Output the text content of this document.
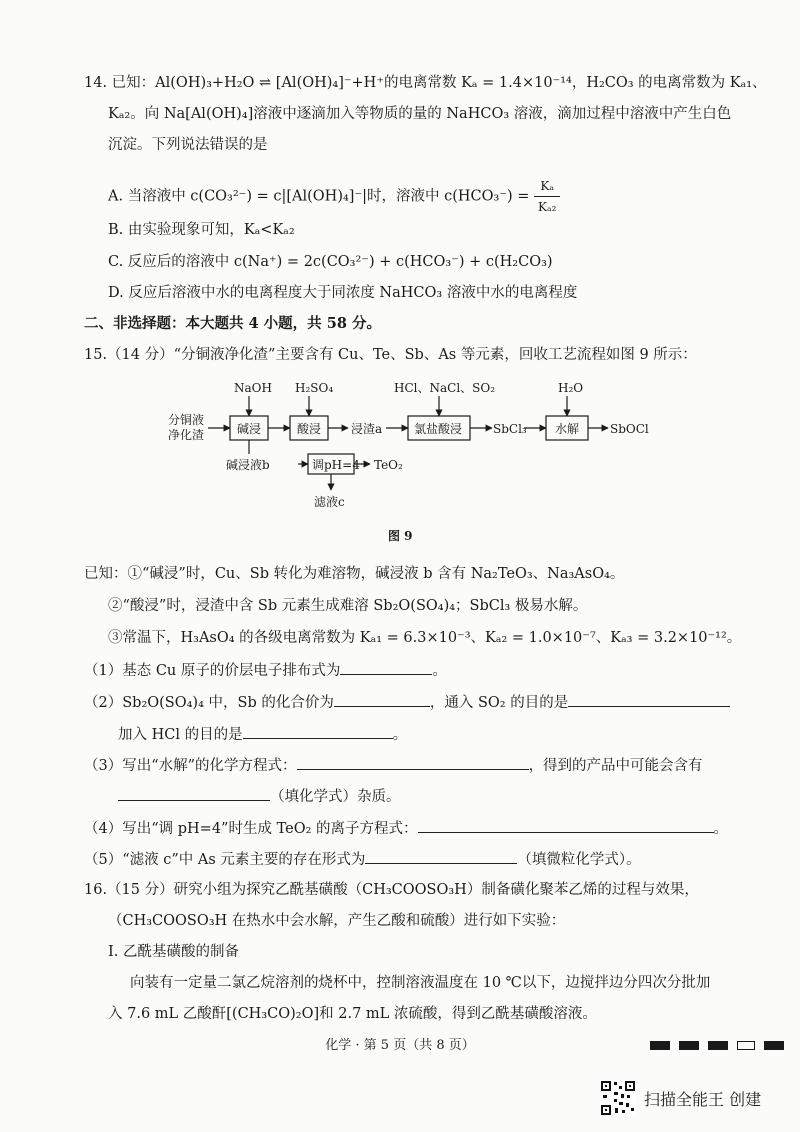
14. 已知：Al(OH)₃+H₂O ⇌ [Al(OH)₄]⁻+H⁺的电离常数 Kₐ = 1.4×10⁻¹⁴，H₂CO₃ 的电离常数为 Kₐ₁、
Kₐ₂。向 Na[Al(OH)₄]溶液中逐滴加入等物质的量的 NaHCO₃ 溶液，滴加过程中溶液中产生白色
沉淀。下列说法错误的是
A. 当溶液中 c(CO₃²⁻) = c|[Al(OH)₄]⁻|时，溶液中 $c(HCO_3^-) = \frac{\text{Kₐ}}{\text{Kₐ₂}}$
B. 由实验现象可知，Kₐ<Kₐ₂
C. 反应后的溶液中 c(Na⁺) = 2c(CO₃²⁻) + c(HCO₃⁻) + c(H₂CO₃)
D. 反应后溶液中水的电离程度大于同浓度 NaHCO₃ 溶液中水的电离程度
二、非选择题：本大题共 4 小题，共 58 分。
15.（14 分）“分铜液净化渣”主要含有 Cu、Te、Sb、As 等元素，回收工艺流程如图 9 所示：
分铜液
净化渣	碱浸	酸浸 浸渣a	氯盐酸浸	SbCl₃ 水解	SbOCl
NaOH H₂SO₄	HCl、NaCl、SO₂	H₂O
碱浸液b	调pH=4 TeO₂
滤液c
图 9
已知：①“碱浸”时，Cu、Sb 转化为难溶物，碱浸液 b 含有 Na₂TeO₃、Na₃AsO₄。
②“酸浸”时，浸渣中含 Sb 元素生成难溶 Sb₂O(SO₄)₄；SbCl₃ 极易水解。
③常温下，H₃AsO₄ 的各级电离常数为 Kₐ₁ = 6.3×10⁻³、Kₐ₂ = 1.0×10⁻⁷、Kₐ₃ = 3.2×10⁻¹²。
（1）基态 Cu 原子的价层电子排布式为	。
（2）Sb₂O(SO₄)₄ 中，Sb 的化合价为	，通入 SO₂ 的目的是
加入 HCl 的目的是	。
（3）写出“水解”的化学方程式：	，得到的产品中可能会含有
（填化学式）杂质。
（4）写出“调 pH=4”时生成 TeO₂ 的离子方程式：	。
（5）“滤液 c”中 As 元素主要的存在形式为	（填微粒化学式）。
16.（15 分）研究小组为探究乙酰基磺酸（CH₃COOSO₃H）制备磺化聚苯乙烯的过程与效果，
（CH₃COOSO₃H 在热水中会水解，产生乙酸和硫酸）进行如下实验：
Ⅰ. 乙酰基磺酸的制备
向装有一定量二氯乙烷溶剂的烧杯中，控制溶液温度在 10 ℃以下，边搅拌边分四次分批加
入 7.6 mL 乙酸酐[(CH₃CO)₂O]和 2.7 mL 浓硫酸，得到乙酰基磺酸溶液。
化学 · 第 5 页（共 8 页）
扫描全能王 创建
